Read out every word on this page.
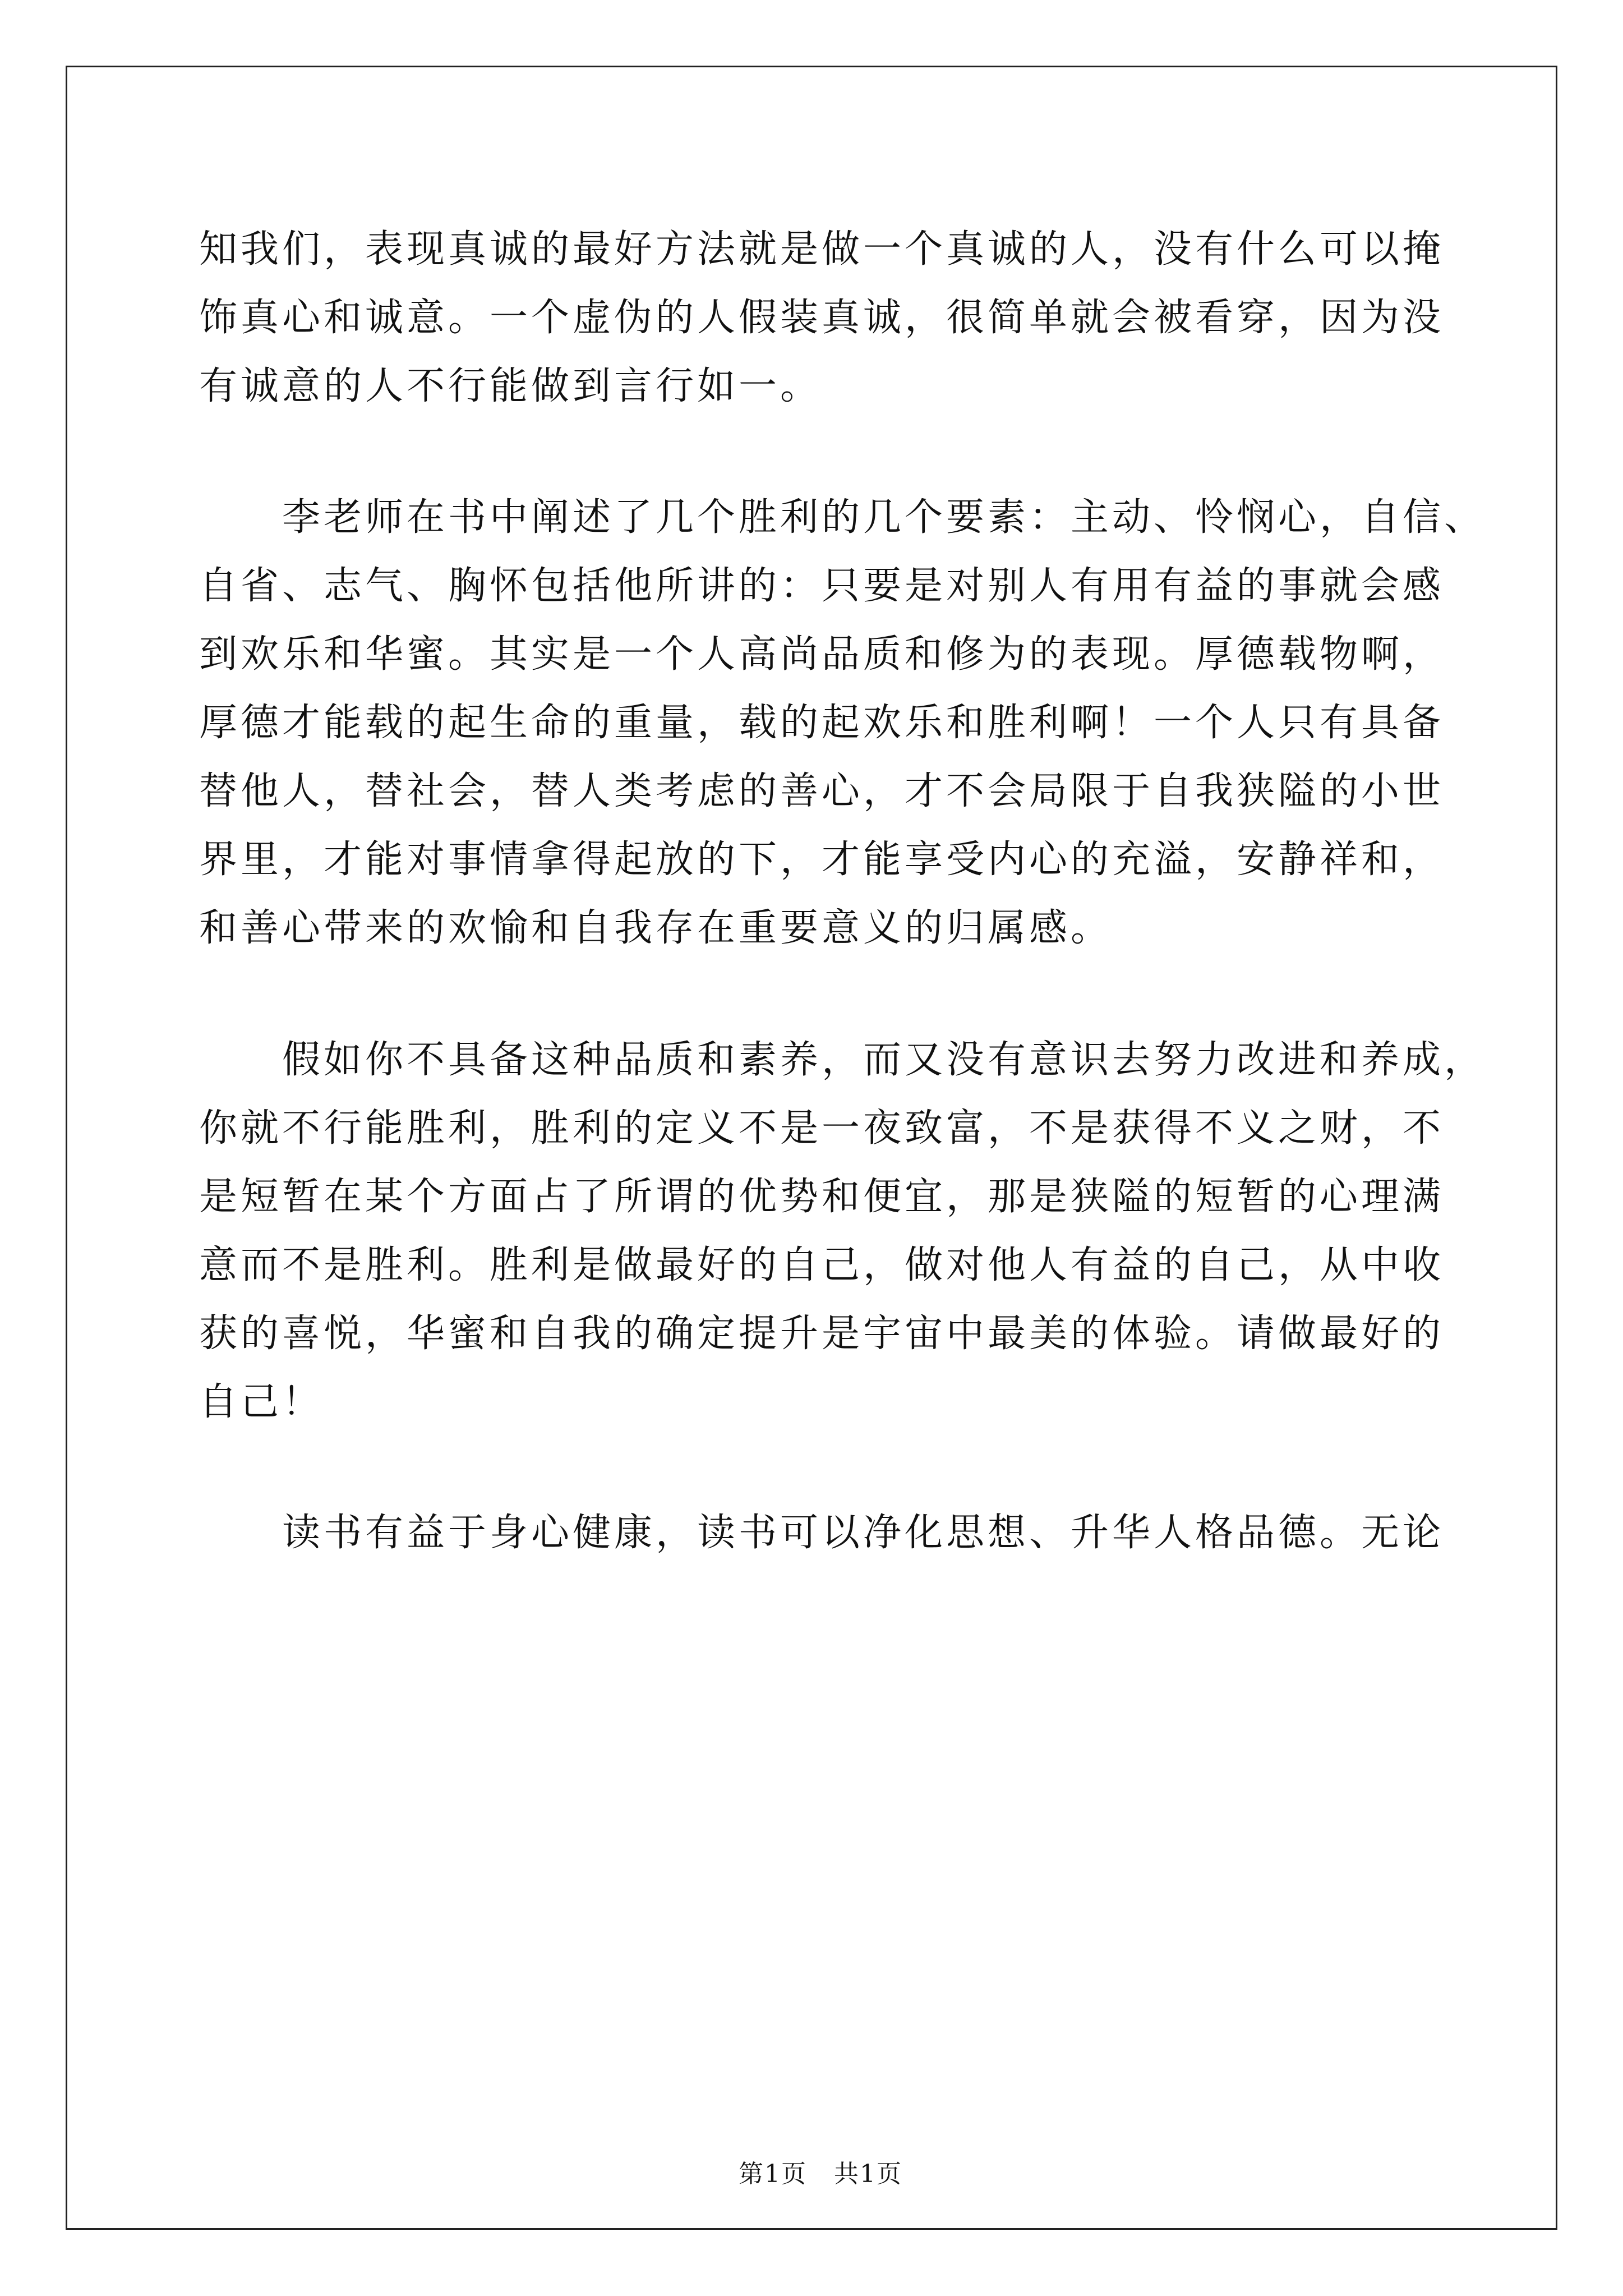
知我们，表现真诚的最好方法就是做一个真诚的人，没有什么可以掩
饰真心和诚意。一个虚伪的人假装真诚，很简单就会被看穿，因为没
有诚意的人不行能做到言行如一。
李老师在书中阐述了几个胜利的几个要素：主动、怜悯心，自信、
自省、志气、胸怀包括他所讲的：只要是对别人有用有益的事就会感
到欢乐和华蜜。其实是一个人高尚品质和修为的表现。厚德载物啊，
厚德才能载的起生命的重量，载的起欢乐和胜利啊！一个人只有具备
替他人，替社会，替人类考虑的善心，才不会局限于自我狭隘的小世
界里，才能对事情拿得起放的下，才能享受内心的充溢，安静祥和，
和善心带来的欢愉和自我存在重要意义的归属感。
假如你不具备这种品质和素养，而又没有意识去努力改进和养成，
你就不行能胜利，胜利的定义不是一夜致富，不是获得不义之财，不
是短暂在某个方面占了所谓的优势和便宜，那是狭隘的短暂的心理满
意而不是胜利。胜利是做最好的自己，做对他人有益的自己，从中收
获的喜悦，华蜜和自我的确定提升是宇宙中最美的体验。请做最好的
自己！
读书有益于身心健康，读书可以净化思想、升华人格品德。无论

第1页   共1页
